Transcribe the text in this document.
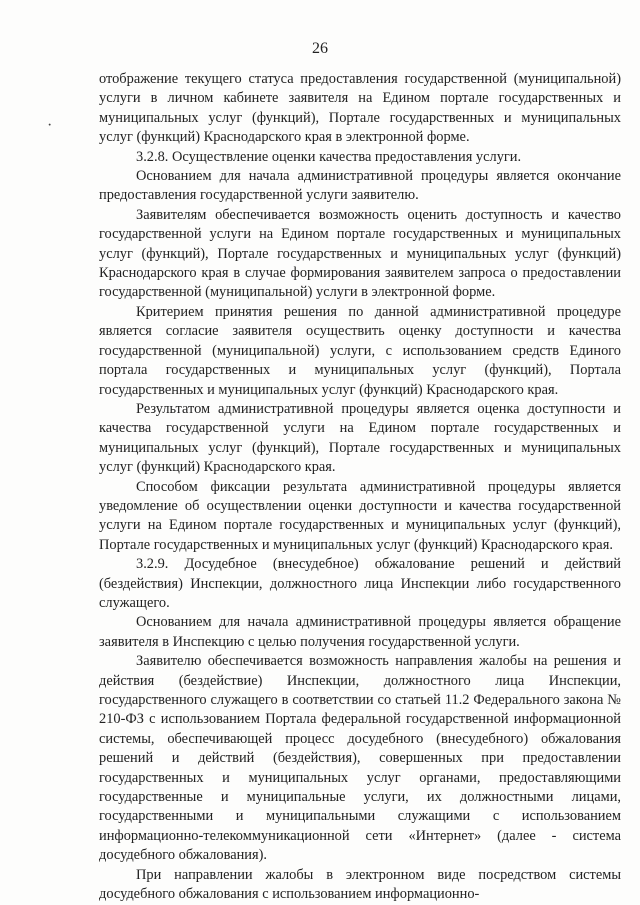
26
·

отображение текущего статуса предоставления государственной (муниципальной) услуги в личном кабинете заявителя на Едином портале государственных и муниципальных услуг (функций), Портале государственных и муниципальных услуг (функций) Краснодарского края в электронной форме.

3.2.8. Осуществление оценки качества предоставления услуги.

Основанием для начала административной процедуры является окончание предоставления государственной услуги заявителю.

Заявителям обеспечивается возможность оценить доступность и качество государственной услуги на Едином портале государственных и муниципальных услуг (функций), Портале государственных и муниципальных услуг (функций) Краснодарского края в случае формирования заявителем запроса о предоставлении государственной (муниципальной) услуги в электронной форме.

Критерием принятия решения по данной административной процедуре является согласие заявителя осуществить оценку доступности и качества государственной (муниципальной) услуги, с использованием средств Единого портала государственных и муниципальных услуг (функций), Портала государственных и муниципальных услуг (функций) Краснодарского края.

Результатом административной процедуры является оценка доступности и качества государственной услуги на Едином портале государственных и муниципальных услуг (функций), Портале государственных и муниципальных услуг (функций) Краснодарского края.

Способом фиксации результата административной процедуры является уведомление об осуществлении оценки доступности и качества государственной услуги на Едином портале государственных и муниципальных услуг (функций), Портале государственных и муниципальных услуг (функций) Краснодарского края.

3.2.9. Досудебное (внесудебное) обжалование решений и действий (бездействия) Инспекции, должностного лица Инспекции либо государственного служащего.

Основанием для начала административной процедуры является обращение заявителя в Инспекцию с целью получения государственной услуги.

Заявителю обеспечивается возможность направления жалобы на решения и действия (бездействие) Инспекции, должностного лица Инспекции, государственного служащего в соответствии со статьей 11.2 Федерального закона № 210-ФЗ с использованием Портала федеральной государственной информационной системы, обеспечивающей процесс досудебного (внесудебного) обжалования решений и действий (бездействия), совершенных при предоставлении государственных и муниципальных услуг органами, предоставляющими государственные и муниципальные услуги, их должностными лицами, государственными и муниципальными служащими с использованием информационно-телекоммуникационной сети «Интернет» (далее - система досудебного обжалования).

При направлении жалобы в электронном виде посредством системы досудебного обжалования с использованием информационно-
